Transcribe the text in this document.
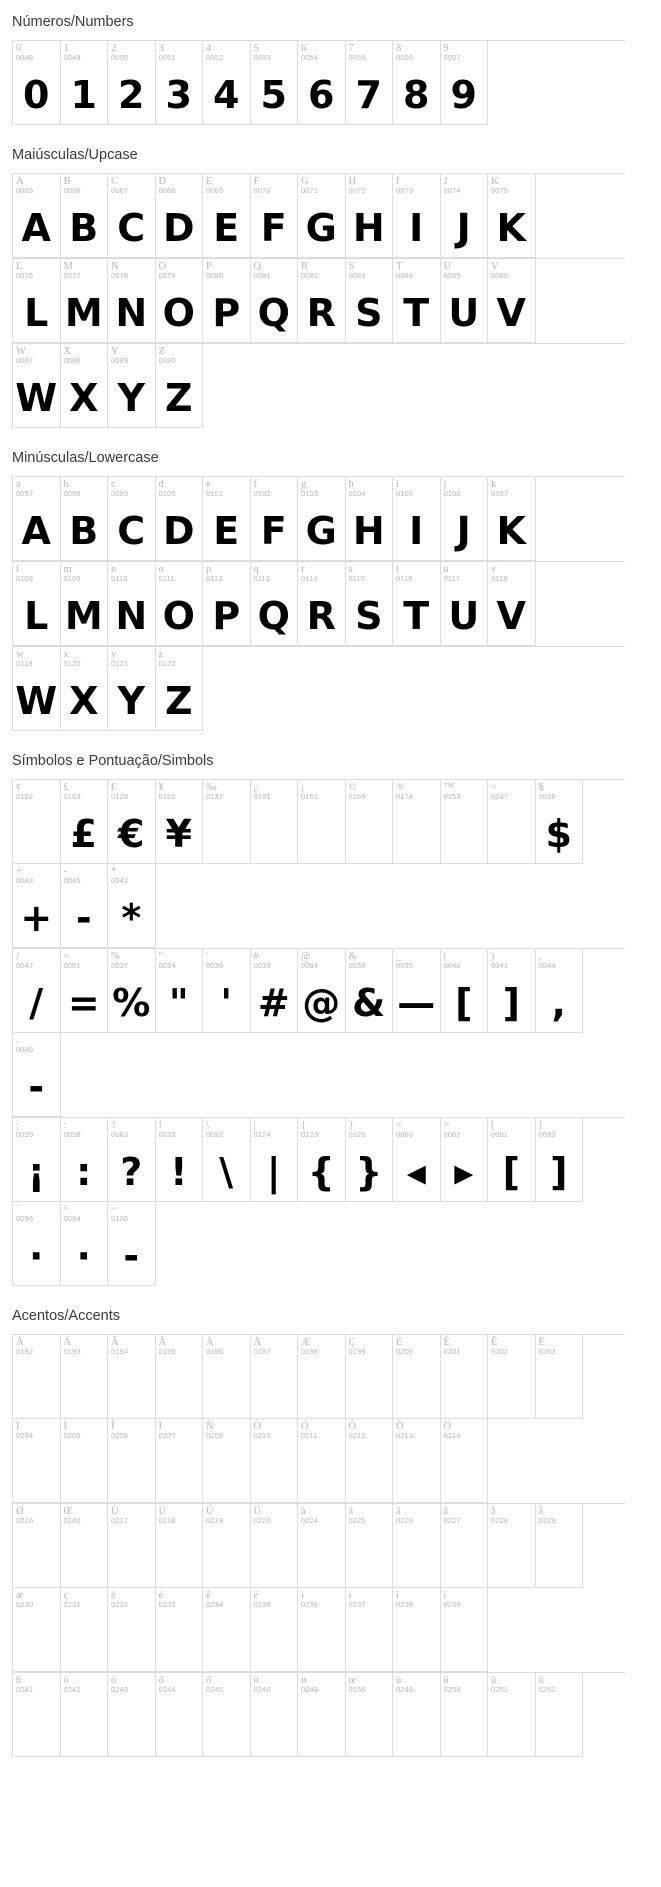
Números/Numbers
0
0048
0
1
0049
1
2
0050
2
3
0051
3
4
0052
4
5
0053
5
6
0054
6
7
0055
7
8
0056
8
9
0057
9
Maiúsculas/Upcase
A
0065
A
B
0066
B
C
0067
C
D
0068
D
E
0069
E
F
0070
F
G
0071
G
H
0072
H
I
0073
I
J
0074
J
K
0075
K
L
0076
L
M
0077
M
N
0078
N
O
0079
O
P
0080
P
Q
0081
Q
R
0082
R
S
0083
S
T
0084
T
U
0085
U
V
0086
V
W
0087
W
X
0088
X
Y
0089
Y
Z
0090
Z
Minúsculas/Lowercase
a
0097
A
b
0098
B
c
0099
C
d
0100
D
e
0101
E
f
0102
F
g
0103
G
h
0104
H
i
0105
I
j
0106
J
k
0107
K
l
0108
L
m
0109
M
n
0110
N
o
0111
O
p
0112
P
q
0113
Q
r
0114
R
s
0115
S
t
0116
T
u
0117
U
v
0118
V
w
0119
W
x
0120
X
y
0121
Y
z
0122
Z
Símbolos e Pontuação/Simbols
¢
0162
£
0163
£
€
0128
€
¥
0165
¥
‰
0137
¿
0191
¡
0161
©
0169
®
0174
™
0153
÷
0247
$
0036
$
+
0043
+
-
0045
-
*
0042
*
/
0047
/
=
0061
=
%
0037
%
"
0034
"
'
0039
'
#
0035
#
@
0064
@
&
0038
&
_
0095
—
(
0040
[
)
0041
]
,
0044
,
.
0046
-
;
0059
¡
:
0058
:
?
0063
?
!
0033
!
\
0092
\
|
0124
|
{
0123
{
}
0125
}
<
0060
◂
>
0062
▸
[
0091
[
]
0093
]
`
0096
·
^
0094
·
~
0126
-
Acentos/Accents
À
0192
Á
0193
Â
0194
Ã
0195
Ä
0196
Å
0197
Æ
0198
Ç
0199
È
0200
É
0201
Ê
0202
Ë
0203
Ì
0204
Í
0205
Î
0206
Ï
0207
Ñ
0209
Ò
0210
Ó
0211
Ô
0212
Õ
0213
Ö
0214
Ø
0216
Œ
0140
Ù
0217
Ú
0218
Û
0219
Ü
0220
à
0224
á
0225
â
0226
ã
0227
ä
0228
å
0229
æ
0230
ç
0231
è
0232
é
0233
ê
0234
ë
0235
ì
0236
í
0237
î
0238
ï
0239
ñ
0241
ò
0242
ó
0243
ô
0244
õ
0245
ö
0246
ø
0248
œ
0156
ù
0249
ú
0250
û
0251
ü
0252
